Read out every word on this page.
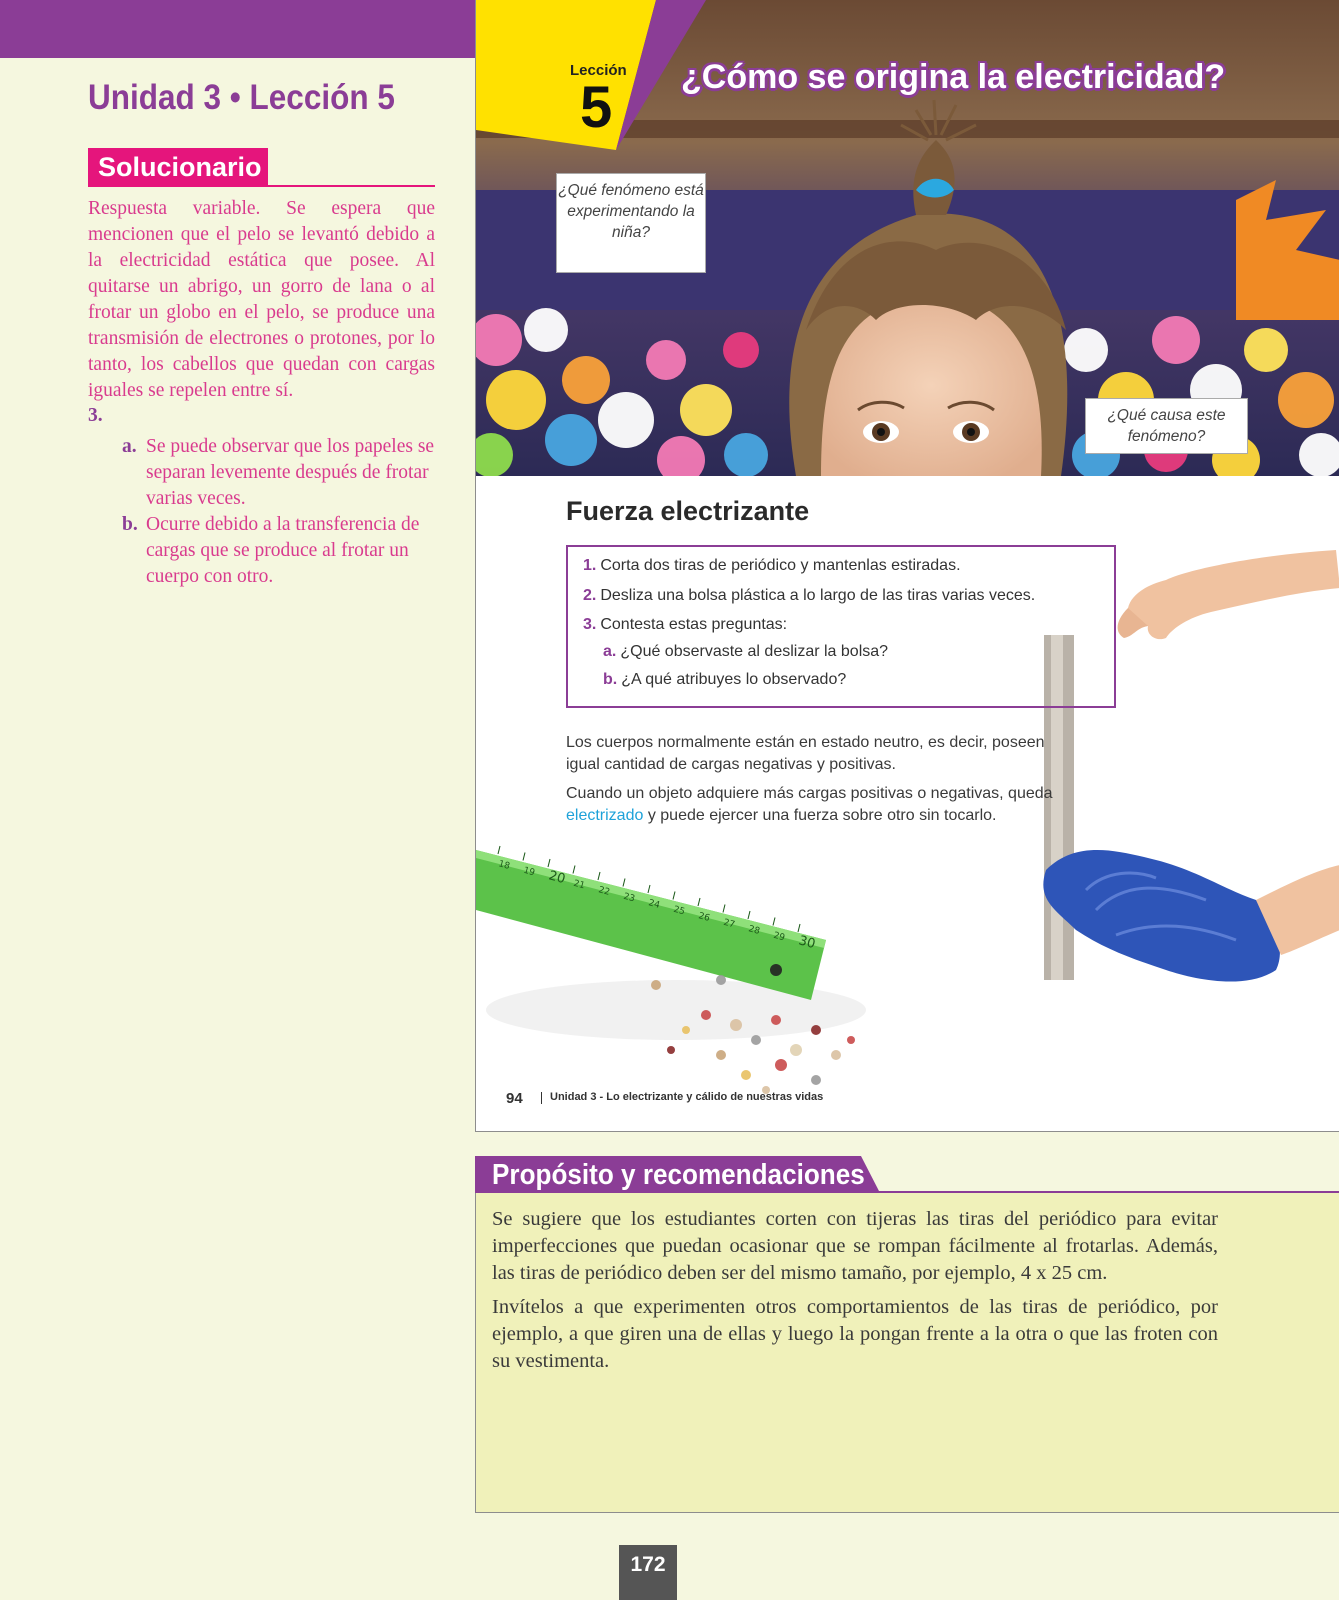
Unidad 3 • Lección 5
Solucionario
Respuesta variable. Se espera que mencionen que el pelo se levantó debido a la electricidad estática que posee. Al quitarse un abrigo, un gorro de lana o al frotar un globo en el pelo, se produce una transmisión de electrones o protones, por lo tanto, los cabellos que quedan con cargas iguales se repelen entre sí.
3.
a. Se puede observar que los papeles se separan levemente después de frotar varias veces.
b. Ocurre debido a la transferencia de cargas que se produce al frotar un cuerpo con otro.
Lección
5 ¿Cómo se origina la electricidad?
¿Qué fenómeno está experimentando la niña?
¿Qué causa este fenómeno?
Fuerza electrizante
18
19 20 21
22
23
24
25
26
27
28
29 30
1. Corta dos tiras de periódico y mantenlas estiradas.
2. Desliza una bolsa plástica a lo largo de las tiras varias veces.
3. Contesta estas preguntas:
a. ¿Qué observaste al deslizar la bolsa?
b. ¿A qué atribuyes lo observado?
Los cuerpos normalmente están en estado neutro, es decir, poseen igual cantidad de cargas negativas y positivas.
Cuando un objeto adquiere más cargas positivas o negativas, queda electrizado y puede ejercer una fuerza sobre otro sin tocarlo.
94 Unidad 3 - Lo electrizante y cálido de nuestras vidas
Propósito y recomendaciones

Se sugiere que los estudiantes corten con tijeras las tiras del periódico para evitar imperfecciones que puedan ocasionar que se rompan fácilmente al frotarlas. Además, las tiras de periódico deben ser del mismo tamaño, por ejemplo, 4 x 25 cm.

Invítelos a que experimenten otros comportamientos de las tiras de periódico, por ejemplo, a que giren una de ellas y luego la pongan frente a la otra o que las froten con su vestimenta.

172
